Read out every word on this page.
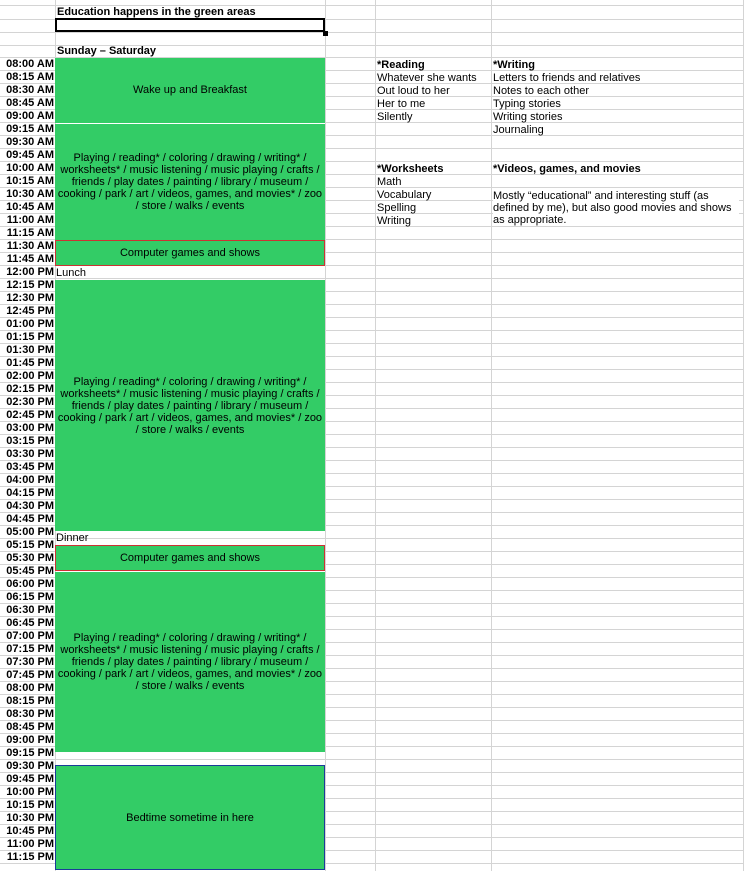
Education happens in the green areas
Sunday – Saturday
08:00 AM
08:15 AM
08:30 AM
08:45 AM
09:00 AM
09:15 AM
09:30 AM
09:45 AM
10:00 AM
10:15 AM
10:30 AM
10:45 AM
11:00 AM
11:15 AM
11:30 AM
11:45 AM
12:00 PM
12:15 PM
12:30 PM
12:45 PM
01:00 PM
01:15 PM
01:30 PM
01:45 PM
02:00 PM
02:15 PM
02:30 PM
02:45 PM
03:00 PM
03:15 PM
03:30 PM
03:45 PM
04:00 PM
04:15 PM
04:30 PM
04:45 PM
05:00 PM
05:15 PM
05:30 PM
05:45 PM
06:00 PM
06:15 PM
06:30 PM
06:45 PM
07:00 PM
07:15 PM
07:30 PM
07:45 PM
08:00 PM
08:15 PM
08:30 PM
08:45 PM
09:00 PM
09:15 PM
09:30 PM
09:45 PM
10:00 PM
10:15 PM
10:30 PM
10:45 PM
11:00 PM
11:15 PM
Wake up and Breakfast
Playing / reading* / coloring / drawing / writing* / worksheets* / music listening / music playing / crafts / friends / play dates / painting / library / museum / cooking / park / art / videos, games, and movies* / zoo / store / walks / events
Computer games and shows
Lunch
Playing / reading* / coloring / drawing / writing* / worksheets* / music listening / music playing / crafts / friends / play dates / painting / library / museum / cooking / park / art / videos, games, and movies* / zoo / store / walks / events
Dinner
Computer games and shows
Playing / reading* / coloring / drawing / writing* / worksheets* / music listening / music playing / crafts / friends / play dates / painting / library / museum / cooking / park / art / videos, games, and movies* / zoo / store / walks / events
Bedtime sometime in here
*Reading
Whatever she wants
Out loud to her
Her to me
Silently
*Writing
Letters to friends and relatives
Notes to each other
Typing stories
Writing stories
Journaling
*Worksheets
Math
Vocabulary
Spelling
Writing
*Videos, games, and movies
Mostly “educational” and interesting stuff (as defined by me), but also good movies and shows as appropriate.
